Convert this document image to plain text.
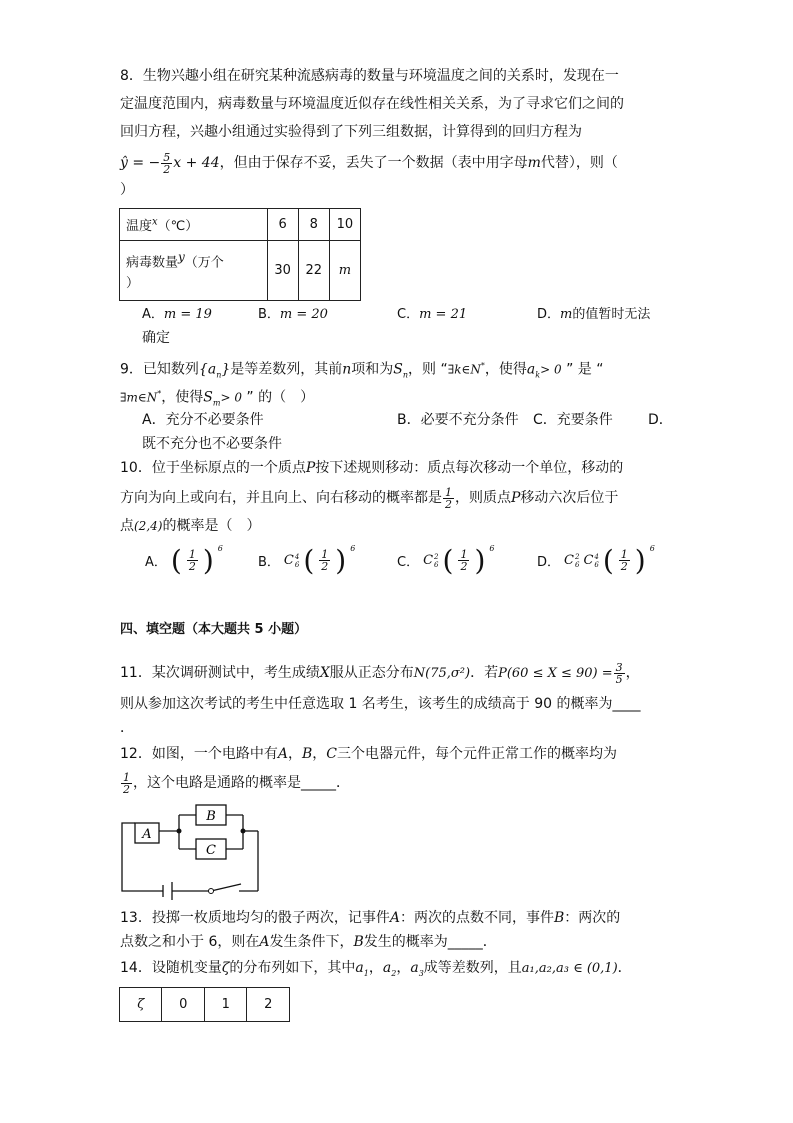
8．生物兴趣小组在研究某种流感病毒的数量与环境温度之间的关系时，发现在一
定温度范围内，病毒数量与环境温度近似存在线性相关关系，为了寻求它们之间的
回归方程，兴趣小组通过实验得到了下列三组数据，计算得到的回归方程为
ŷ = − $\frac{5}{2}$ x + 44，但由于保存不妥，丢失了一个数据（表中用字母m代替），则（
）
温度$^x$（℃）	6	8	10
病毒数量y（万个
）	30	22	m
A．m = 19	B．m = 20	C．m = 21	D．m的值暂时无法
确定
9．已知数列$\{a_n\}$是等差数列，其前n项和为$S_n$，则 “∃k∈N*，使得$a_k> 0$ ” 是 “
∃m∈N*，使得$S_m> 0$ ” 的（　）
A．充分不必要条件	B．必要不充分条件 C．充要条件	D．
既不充分也不必要条件
10．位于坐标原点的一个质点P按下述规则移动：质点每次移动一个单位，移动的
方向为向上或向右，并且向上、向右移动的概率都是 $\frac{1}{2}$ ，则质点P移动六次后位于
点(2,4)的概率是（　）
A． ( $\frac{1}{2}$ ) 6
B． C 4
6 ( $\frac{1}{2}$ ) 6
C． C 2
6 ( $\frac{1}{2}$ ) 6
D． C 2
6 C 4
6 ( $\frac{1}{2}$ ) 6
四、填空题（本大题共 5 小题）
11．某次调研测试中，考生成绩X服从正态分布N(75,σ²)．若$P(60 \le X \le 90) = \frac{3}{5}$ ，
则从参加这次考试的考生中任意选取 1 名考生，该考生的成绩高于 90 的概率为____
．
12．如图，一个电路中有A，B，C三个电器元件，每个元件正常工作的概率均为
$\frac{1}{2}$ ，这个电路是通路的概率是_____．
A
B
C
13．投掷一枚质地均匀的骰子两次，记事件A：两次的点数不同，事件B：两次的
点数之和小于 6，则在A发生条件下，B发生的概率为_____．
14．设随机变量ζ的分布列如下，其中$a_1$，$a_2$，$a_3$成等差数列，且a₁,a₂,a₃ ∈ (0,1)．
ζ	0	1	2
